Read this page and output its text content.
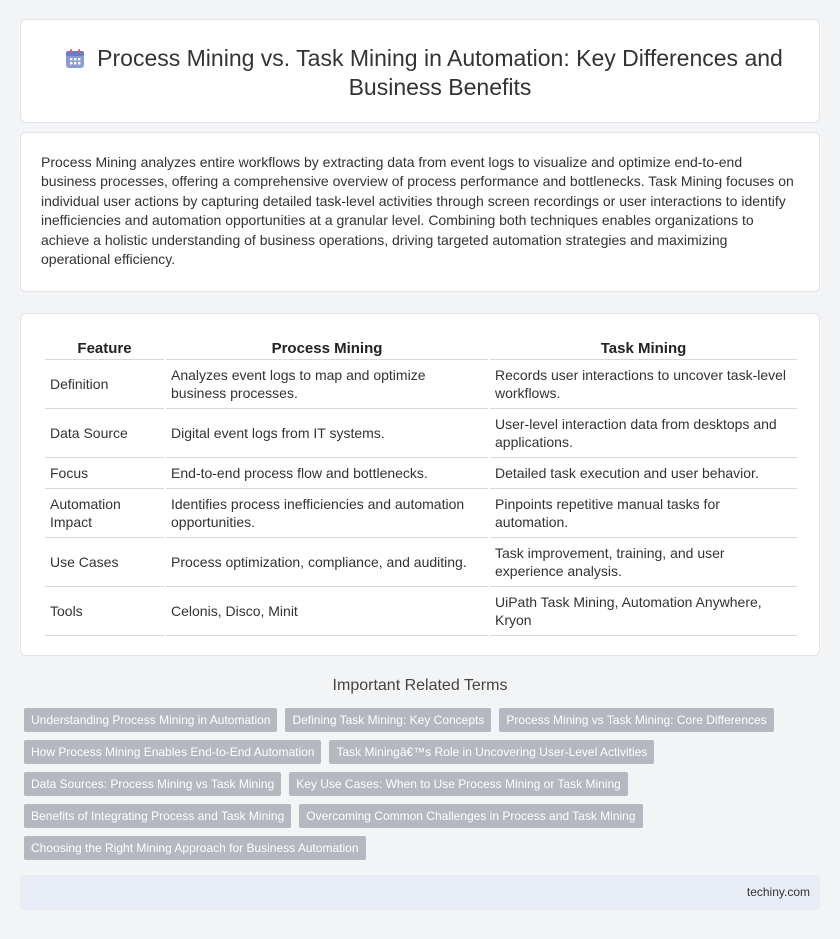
Process Mining vs. Task Mining in Automation: Key Differences and Business Benefits

Process Mining analyzes entire workflows by extracting data from event logs to visualize and optimize end-to-end business processes, offering a comprehensive overview of process performance and bottlenecks. Task Mining focuses on individual user actions by capturing detailed task-level activities through screen recordings or user interactions to identify inefficiencies and automation opportunities at a granular level. Combining both techniques enables organizations to achieve a holistic understanding of business operations, driving targeted automation strategies and maximizing operational efficiency.

Feature	Process Mining	Task Mining
Definition	Analyzes event logs to map and optimize business processes.	Records user interactions to uncover task-level workflows.
Data Source	Digital event logs from IT systems.	User-level interaction data from desktops and applications.
Focus	End-to-end process flow and bottlenecks.	Detailed task execution and user behavior.
Automation Impact	Identifies process inefficiencies and automation opportunities.	Pinpoints repetitive manual tasks for automation.
Use Cases	Process optimization, compliance, and auditing.	Task improvement, training, and user experience analysis.
Tools	Celonis, Disco, Minit	UiPath Task Mining, Automation Anywhere, Kryon
Important Related Terms
Understanding Process Mining in Automation	Defining Task Mining: Key Concepts	Process Mining vs Task Mining: Core Differences
How Process Mining Enables End-to-End Automation	Task Miningâ€™s Role in Uncovering User-Level Activities
Data Sources: Process Mining vs Task Mining	Key Use Cases: When to Use Process Mining or Task Mining
Benefits of Integrating Process and Task Mining	Overcoming Common Challenges in Process and Task Mining
Choosing the Right Mining Approach for Business Automation
techiny.com
